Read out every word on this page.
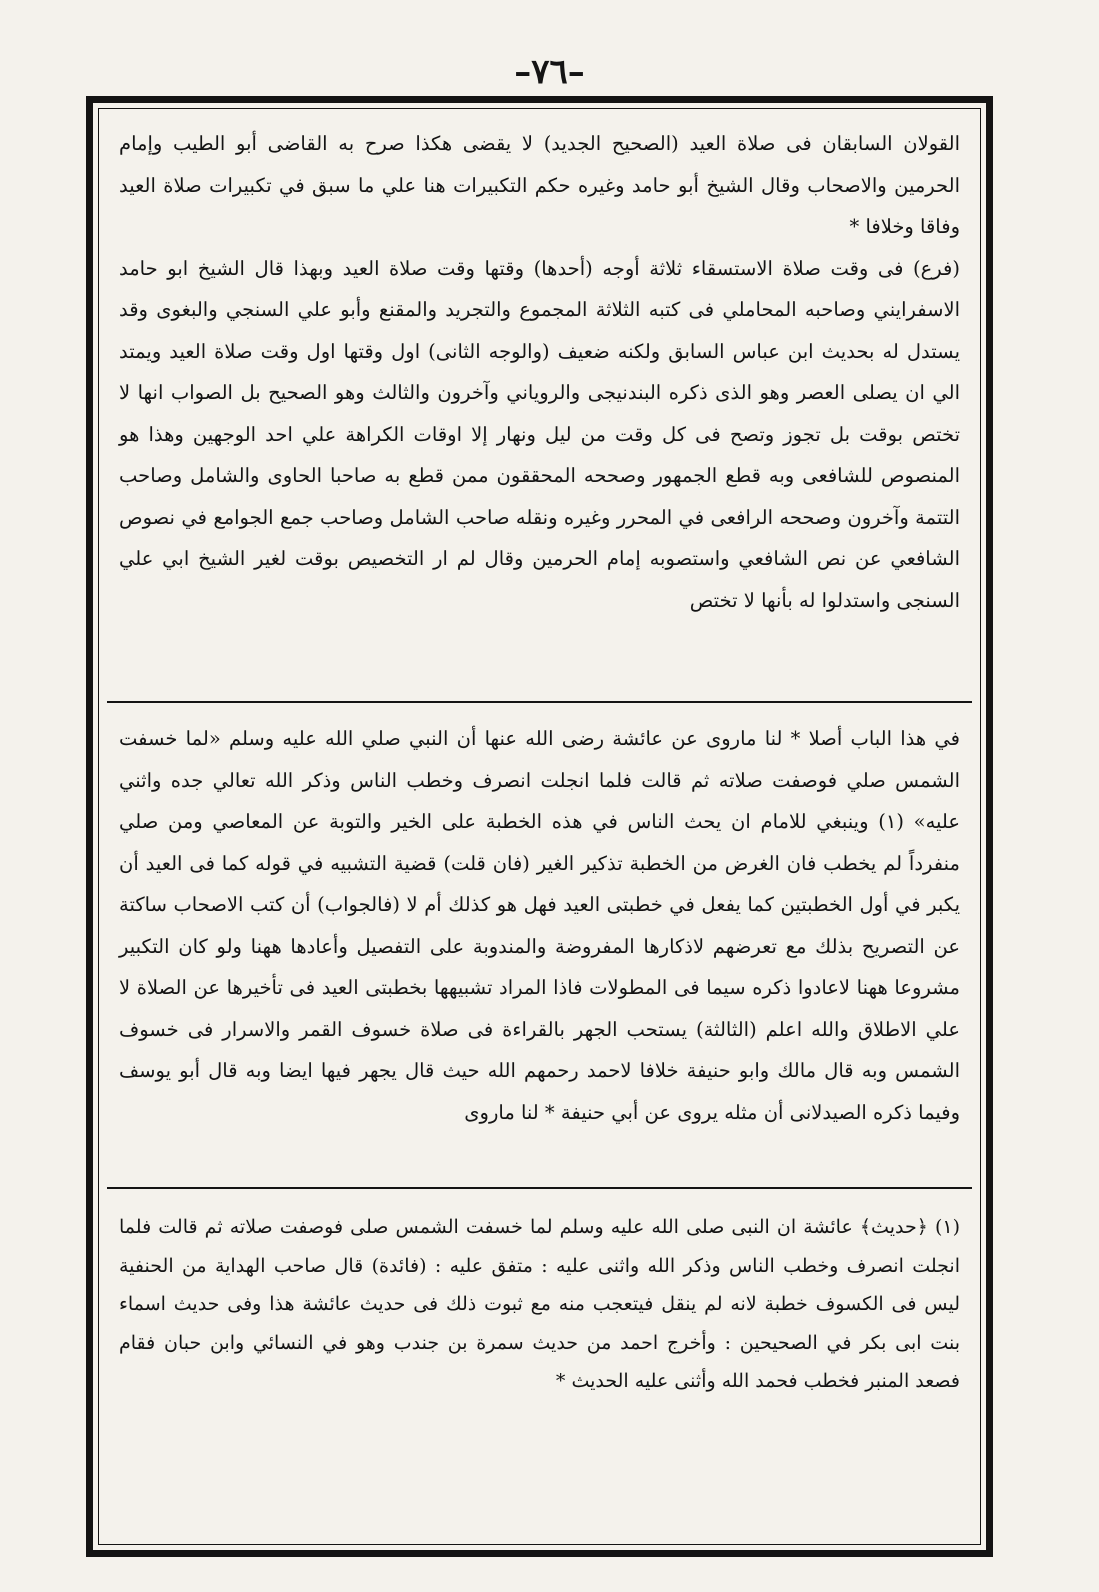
–٧٦–

القولان السابقان فى صلاة العيد (الصحيح الجديد) لا يقضى هكذا صرح به القاضى أبو الطيب وإمام الحرمين والاصحاب وقال الشيخ أبو حامد وغيره حكم التكبيرات هنا علي ما سبق في تكبيرات صلاة العيد وفاقا وخلافا *

(فرع) فى وقت صلاة الاستسقاء ثلاثة أوجه (أحدها) وقتها وقت صلاة العيد وبهذا قال الشيخ ابو حامد الاسفرايني وصاحبه المحاملي فى كتبه الثلاثة المجموع والتجريد والمقنع وأبو علي السنجي والبغوى وقد يستدل له بحديث ابن عباس السابق ولكنه ضعيف (والوجه الثانى) اول وقتها اول وقت صلاة العيد ويمتد الي ان يصلى العصر وهو الذى ذكره البندنيجى والروياني وآخرون والثالث وهو الصحيح بل الصواب انها لا تختص بوقت بل تجوز وتصح فى كل وقت من ليل ونهار إلا اوقات الكراهة علي احد الوجهين وهذا هو المنصوص للشافعى وبه قطع الجمهور وصححه المحققون ممن قطع به صاحبا الحاوى والشامل وصاحب التتمة وآخرون وصححه الرافعى في المحرر وغيره ونقله صاحب الشامل وصاحب جمع الجوامع في نصوص الشافعي عن نص الشافعي واستصوبه إمام الحرمين وقال لم ار التخصيص بوقت لغير الشيخ ابي علي السنجى واستدلوا له بأنها لا تختص

في هذا الباب أصلا * لنا ماروى عن عائشة رضى الله عنها أن النبي صلي الله عليه وسلم «لما خسفت الشمس صلي فوصفت صلاته ثم قالت فلما انجلت انصرف وخطب الناس وذكر الله تعالي جده واثني عليه» (١) وينبغي للامام ان يحث الناس في هذه الخطبة على الخير والتوبة عن المعاصي ومن صلي منفرداً لم يخطب فان الغرض من الخطبة تذكير الغير (فان قلت) قضية التشبيه في قوله كما فى العيد أن يكبر في أول الخطبتين كما يفعل في خطبتى العيد فهل هو كذلك أم لا (فالجواب) أن كتب الاصحاب ساكتة عن التصريح بذلك مع تعرضهم لاذكارها المفروضة والمندوبة على التفصيل وأعادها ههنا ولو كان التكبير مشروعا ههنا لاعادوا ذكره سيما فى المطولات فاذا المراد تشبيهها بخطبتى العيد فى تأخيرها عن الصلاة لا علي الاطلاق والله اعلم (الثالثة) يستحب الجهر بالقراءة فى صلاة خسوف القمر والاسرار فى خسوف الشمس وبه قال مالك وابو حنيفة خلافا لاحمد رحمهم الله حيث قال يجهر فيها ايضا وبه قال أبو يوسف وفيما ذكره الصيدلانى أن مثله يروى عن أبي حنيفة * لنا ماروى

(١) ﴿حديث﴾ عائشة ان النبى صلى الله عليه وسلم لما خسفت الشمس صلى فوصفت صلاته ثم قالت فلما انجلت انصرف وخطب الناس وذكر الله واثنى عليه : متفق عليه : (فائدة) قال صاحب الهداية من الحنفية ليس فى الكسوف خطبة لانه لم ينقل فيتعجب منه مع ثبوت ذلك فى حديث عائشة هذا وفى حديث اسماء بنت ابى بكر في الصحيحين : وأخرج احمد من حديث سمرة بن جندب وهو في النسائي وابن حبان فقام فصعد المنبر فخطب فحمد الله وأثنى عليه الحديث *
